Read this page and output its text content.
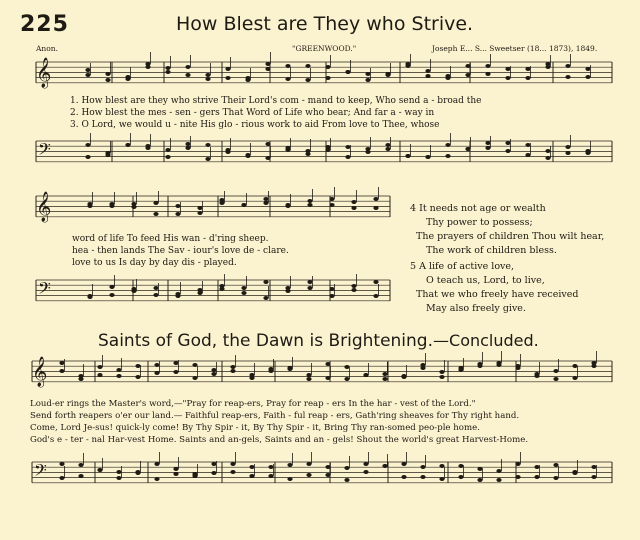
225	How Blest are They who Strive.
Anon.	"GREENWOOD."	Joseph E... S... Sweetser (18... 1873), 1849.
𝄞
𝄢
𝄞
𝄢
𝄞
𝄢
1. How blest are they who strive Their Lord's com - mand to keep, Who send a - broad the
2. How blest the mes - sen - gers That Word of Life who bear; And far a - way in
3. O Lord, we would u - nite His glo - rious work to aid From love to Thee, whose
word of life To feed His wan - d'ring sheep.
hea - then lands The Sav - iour's love de - clare.
love to us Is day by day dis - played.
4 It needs not age or wealth
Thy power to possess;
The prayers of children Thou wilt hear,
The work of children bless.
5 A life of active love,
O teach us, Lord, to live,
That we who freely have received
May also freely give.
Saints of God, the Dawn is Brightening.—Concluded.
Loud-er rings the Master's word,—"Pray for reap-ers, Pray for reap - ers In the har - vest of the Lord."
Send forth reapers o'er our land.— Faithful reap-ers, Faith - ful reap - ers, Gath'ring sheaves for Thy right hand.
Come, Lord Je-sus! quick-ly come! By Thy Spir - it, By Thy Spir - it, Bring Thy ran-somed peo-ple home.
God's e - ter - nal Har-vest Home. Saints and an-gels, Saints and an - gels! Shout the world's great Harvest-Home.
